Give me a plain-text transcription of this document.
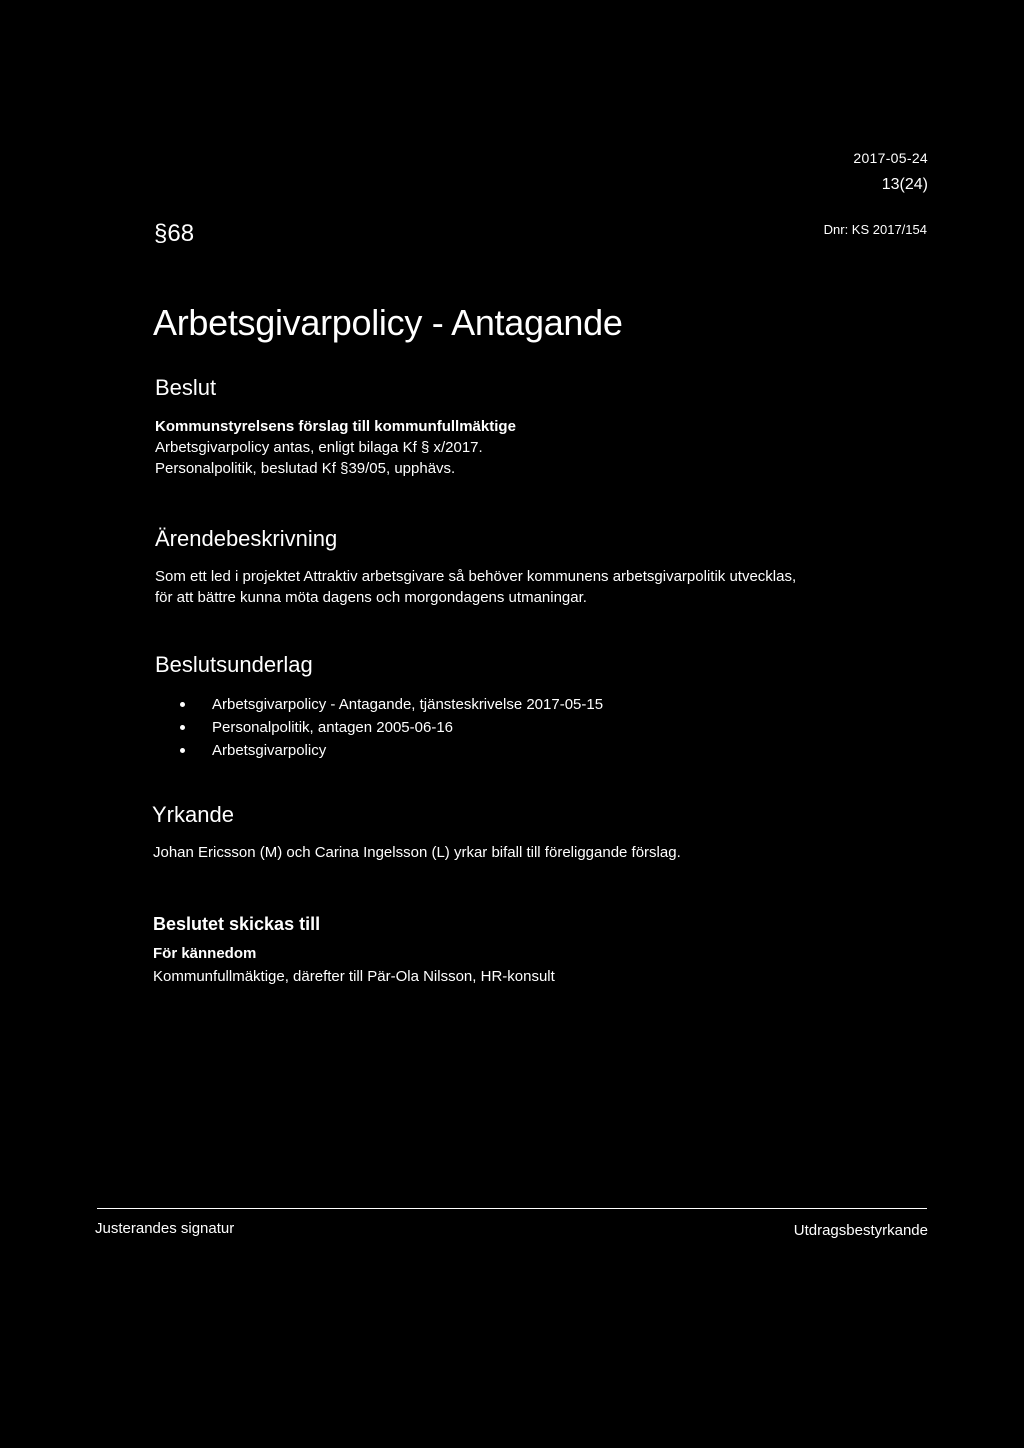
2017-05-24
13(24)
§68	Dnr: KS 2017/154
Arbetsgivarpolicy - Antagande
Beslut
Kommunstyrelsens förslag till kommunfullmäktige
Arbetsgivarpolicy antas, enligt bilaga Kf § x/2017.
Personalpolitik, beslutad Kf §39/05, upphävs.
Ärendebeskrivning
Som ett led i projektet Attraktiv arbetsgivare så behöver kommunens arbetsgivarpolitik utvecklas,
för att bättre kunna möta dagens och morgondagens utmaningar.
Beslutsunderlag
Arbetsgivarpolicy - Antagande, tjänsteskrivelse 2017-05-15
Personalpolitik, antagen 2005-06-16
Arbetsgivarpolicy
Yrkande
Johan Ericsson (M) och Carina Ingelsson (L) yrkar bifall till föreliggande förslag.
Beslutet skickas till
För kännedom
Kommunfullmäktige, därefter till Pär-Ola Nilsson, HR-konsult
Justerandes signatur	Utdragsbestyrkande
